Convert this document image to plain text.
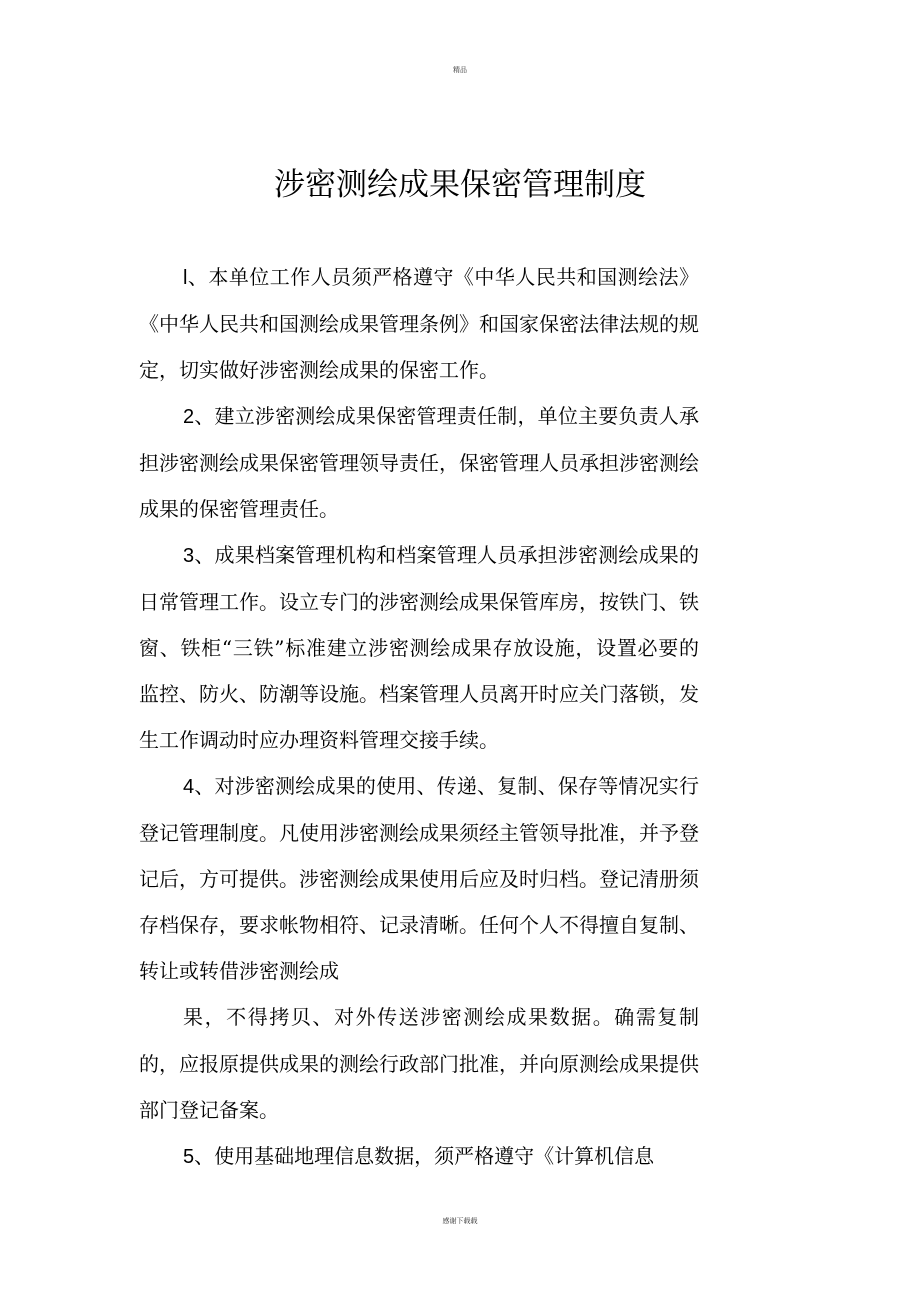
精品
涉密测绘成果保密管理制度

l、本单位工作人员须严格遵守《中华人民共和国测绘法》《中华人民共和国测绘成果管理条例》和国家保密法律法规的规定，切实做好涉密测绘成果的保密工作。

2、建立涉密测绘成果保密管理责任制，单位主要负责人承担涉密测绘成果保密管理领导责任，保密管理人员承担涉密测绘成果的保密管理责任。

3、成果档案管理机构和档案管理人员承担涉密测绘成果的日常管理工作。设立专门的涉密测绘成果保管库房，按铁门、铁窗、铁柜“三铁”标准建立涉密测绘成果存放设施，设置必要的监控、防火、防潮等设施。档案管理人员离开时应关门落锁，发生工作调动时应办理资料管理交接手续。

4、对涉密测绘成果的使用、传递、复制、保存等情况实行登记管理制度。凡使用涉密测绘成果须经主管领导批准，并予登记后，方可提供。涉密测绘成果使用后应及时归档。登记清册须存档保存，要求帐物相符、记录清晰。任何个人不得擅自复制、转让或转借涉密测绘成

果，不得拷贝、对外传送涉密测绘成果数据。确需复制的，应报原提供成果的测绘行政部门批准，并向原测绘成果提供部门登记备案。

5、使用基础地理信息数据，须严格遵守《计算机信息

感谢下载载
